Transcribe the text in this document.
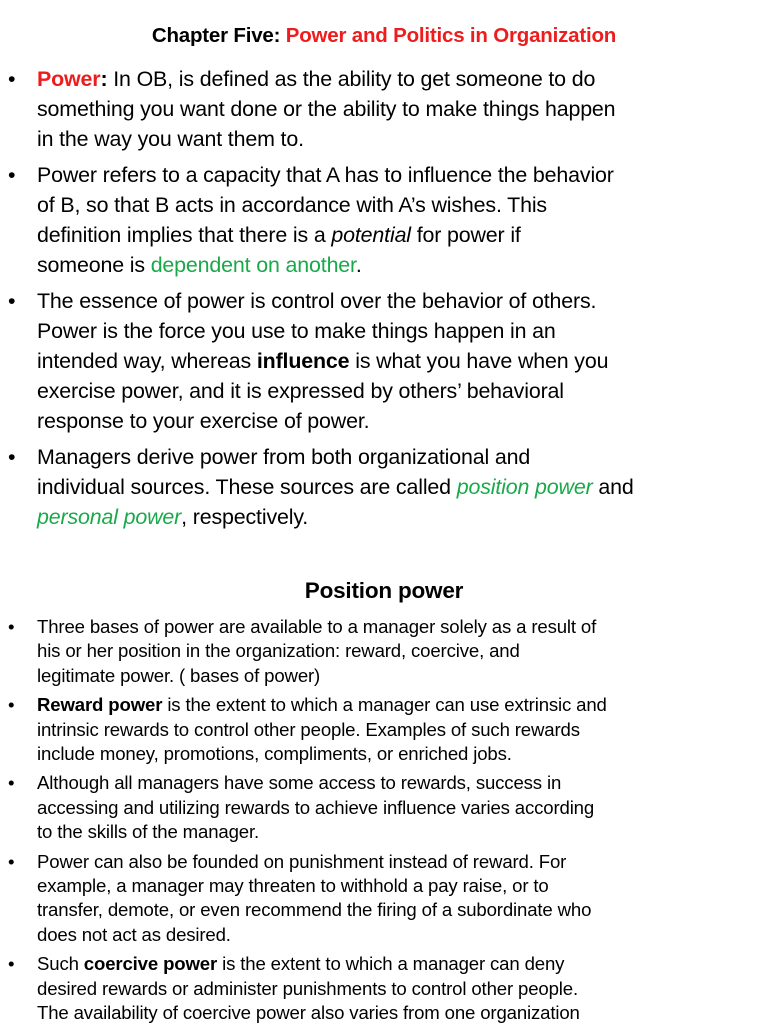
Chapter Five: Power and Politics in Organization
• Power: In OB, is defined as the ability to get someone to do
something you want done or the ability to make things happen
in the way you want them to.
• Power refers to a capacity that A has to influence the behavior
of B, so that B acts in accordance with A’s wishes. This
definition implies that there is a potential for power if
someone is dependent on another.
• The essence of power is control over the behavior of others.
Power is the force you use to make things happen in an
intended way, whereas influence is what you have when you
exercise power, and it is expressed by others’ behavioral
response to your exercise of power.
• Managers derive power from both organizational and
individual sources. These sources are called position power and
personal power, respectively.
Position power
• Three bases of power are available to a manager solely as a result of
his or her position in the organization: reward, coercive, and
legitimate power. ( bases of power)
• Reward power is the extent to which a manager can use extrinsic and
intrinsic rewards to control other people. Examples of such rewards
include money, promotions, compliments, or enriched jobs.
• Although all managers have some access to rewards, success in
accessing and utilizing rewards to achieve influence varies according
to the skills of the manager.
• Power can also be founded on punishment instead of reward. For
example, a manager may threaten to withhold a pay raise, or to
transfer, demote, or even recommend the firing of a subordinate who
does not act as desired.
• Such coercive power is the extent to which a manager can deny
desired rewards or administer punishments to control other people.
The availability of coercive power also varies from one organization
